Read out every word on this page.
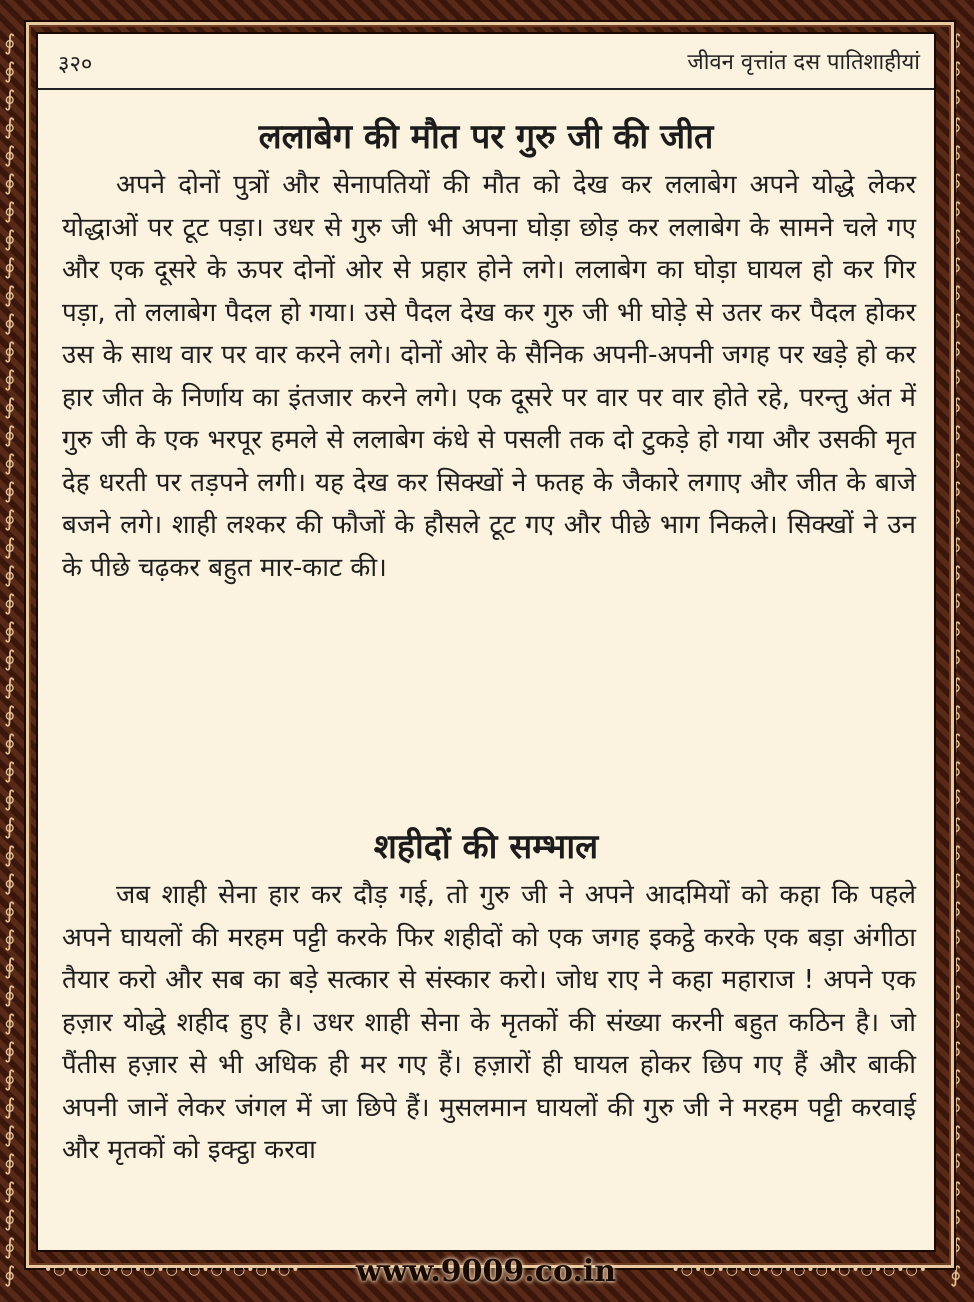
∮
∮
∮
∮
∮
∮
∮
∮
∮
∮
∮
∮
∮
∮
∮
∮
∮
∮
∮
∮
∮
∮
∮
∮
∮
∮
∮
∮
∮
∮
∮
∮
∮
∮
∮
∮
∮
∮
∮
∮
∮
∮
∮
∮
∮
∮
∮
∮
∮
∮
∮
∮
∮
∮
∮
∮
∮
∮
∮
∮
∮
∮
∮
∮
∮
∮
∮
∮
∮
∮
∮
∮
∮
∮
∮
∮
∮
∮
∮
∮
∮
∮
∮
∮
∮
∮
∮
∮
∮
∮
३२०	जीवन वृत्तांत दस पातिशाहीयां
ललाबेग की मौत पर गुरु जी की जीत

अपने दोनों पुत्रों और सेनापतियों की मौत को देख कर ललाबेग अपने योद्धे लेकर योद्धाओं पर टूट पड़ा। उधर से गुरु जी भी अपना घोड़ा छोड़ कर ललाबेग के सामने चले गए और एक दूसरे के ऊपर दोनों ओर से प्रहार होने लगे। ललाबेग का घोड़ा घायल हो कर गिर पड़ा, तो ललाबेग पैदल हो गया। उसे पैदल देख कर गुरु जी भी घोड़े से उतर कर पैदल होकर उस के साथ वार पर वार करने लगे। दोनों ओर के सैनिक अपनी-अपनी जगह पर खड़े हो कर हार जीत के निर्णाय का इंतजार करने लगे। एक दूसरे पर वार पर वार होते रहे, परन्तु अंत में गुरु जी के एक भरपूर हमले से ललाबेग कंधे से पसली तक दो टुकड़े हो गया और उसकी मृत देह धरती पर तड़पने लगी। यह देख कर सिक्खों ने फतह के जैकारे लगाए और जीत के बाजे बजने लगे। शाही लश्कर की फौजों के हौसले टूट गए और पीछे भाग निकले। सिक्खों ने उन के पीछे चढ़कर बहुत मार-काट की।

शहीदों की सम्भाल

जब शाही सेना हार कर दौड़ गई, तो गुरु जी ने अपने आदमियों को कहा कि पहले अपने घायलों की मरहम पट्टी करके फिर शहीदों को एक जगह इकट्ठे करके एक बड़ा अंगीठा तैयार करो और सब का बड़े सत्कार से संस्कार करो। जोध राए ने कहा महाराज ! अपने एक हज़ार योद्धे शहीद हुए है। उधर शाही सेना के मृतकों की संख्या करनी बहुत कठिन है। जो पैंतीस हज़ार से भी अधिक ही मर गए हैं। हज़ारों ही घायल होकर छिप गए हैं और बाकी अपनी जानें लेकर जंगल में जा छिपे हैं। मुसलमान घायलों की गुरु जी ने मरहम पट्टी करवाई और मृतकों को इक्ट्ठा करवा

•○•○•○•○•○•○•○•○•○•○•○•	•○•○•○•○•○•○•○•○•○•○•○•
www.9009.co.in
